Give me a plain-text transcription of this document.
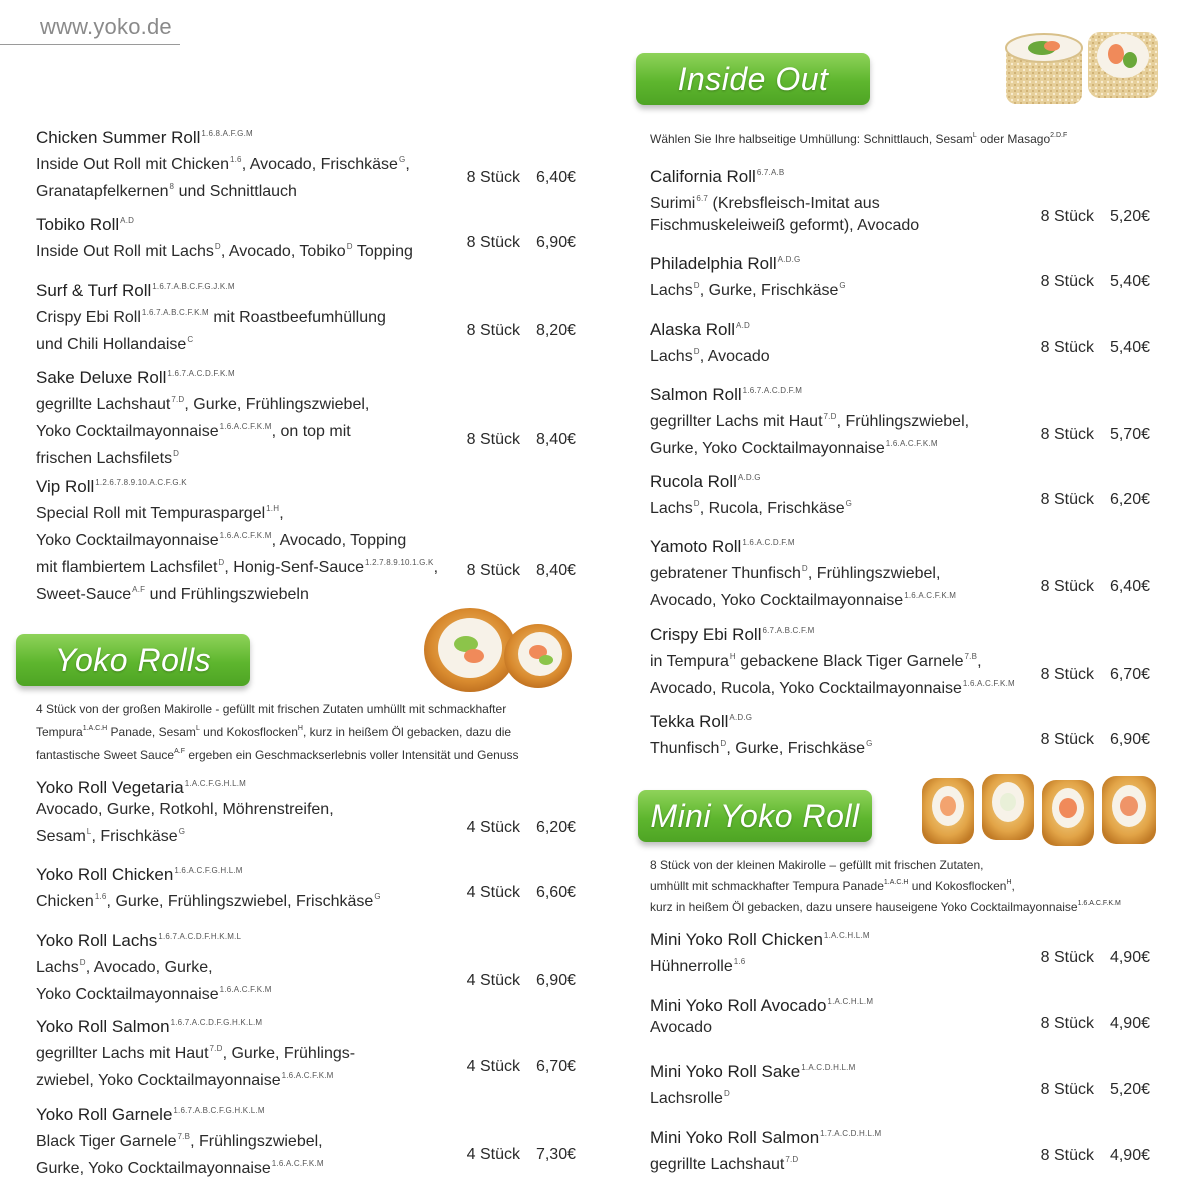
www.yoko.de
Chicken Summer Roll$^{1.6.8.A.F.G.M}$
Inside Out Roll mit Chicken$^{1.6}$, Avocado, Frischkäse$^G$,
Granatapfelkernen$^8$ und Schnittlauch
8 Stück 6,40€
Tobiko Roll$^{A.D}$
Inside Out Roll mit Lachs$^D$, Avocado, Tobiko$^D$ Topping
8 Stück 6,90€
Surf & Turf Roll$^{1.6.7.A.B.C.F.G.J.K.M}$
Crispy Ebi Roll$^{1.6.7.A.B.C.F.K.M}$ mit Roastbeefumhüllung
und Chili Hollandaise$^C$
8 Stück 8,20€
Sake Deluxe Roll$^{1.6.7.A.C.D.F.K.M}$
gegrillte Lachshaut$^{7.D}$, Gurke, Frühlingszwiebel,
Yoko Cocktailmayonnaise$^{1.6.A.C.F.K.M}$, on top mit
frischen Lachsfilets$^D$
8 Stück 8,40€
Vip Roll$^{1.2.6.7.8.9.10.A.C.F.G.K}$
Special Roll mit Tempuraspargel$^{1.H}$,
Yoko Cocktailmayonnaise$^{1.6.A.C.F.K.M}$, Avocado, Topping
mit flambiertem Lachsfilet$^D$, Honig-Senf-Sauce$^{1.2.7.8.9.10.1.G.K}$,
Sweet-Sauce$^{A.F}$ und Frühlingszwiebeln
8 Stück 8,40€
Yoko Rolls
4 Stück von der großen Makirolle - gefüllt mit frischen Zutaten umhüllt mit schmackhafter
Tempura$^{1.A.C.H}$ Panade, Sesam$^L$ und Kokosflocken$^H$, kurz in heißem Öl gebacken, dazu die
fantastische Sweet Sauce$^{A.F}$ ergeben ein Geschmackserlebnis voller Intensität und Genuss
Yoko Roll Vegetaria$^{1.A.C.F.G.H.L.M}$
Avocado, Gurke, Rotkohl, Möhrenstreifen,
Sesam$^L$, Frischkäse$^G$	4 Stück 6,20€
Yoko Roll Chicken$^{1.6.A.C.F.G.H.L.M}$
Chicken$^{1.6}$, Gurke, Frühlingszwiebel, Frischkäse$^G$	4 Stück 6,60€
Yoko Roll Lachs$^{1.6.7.A.C.D.F.H.K.M.L}$
Lachs$^D$, Avocado, Gurke,
Yoko Cocktailmayonnaise$^{1.6.A.C.F.K.M}$
4 Stück 6,90€
Yoko Roll Salmon$^{1.6.7.A.C.D.F.G.H.K.L.M}$
gegrillter Lachs mit Haut$^{7.D}$, Gurke, Frühlings-
zwiebel, Yoko Cocktailmayonnaise$^{1.6.A.C.F.K.M}$
4 Stück 6,70€
Yoko Roll Garnele$^{1.6.7.A.B.C.F.G.H.K.L.M}$
Black Tiger Garnele$^{7.B}$, Frühlingszwiebel,
Gurke, Yoko Cocktailmayonnaise$^{1.6.A.C.F.K.M}$
4 Stück 7,30€
Inside Out
Wählen Sie Ihre halbseitige Umhüllung: Schnittlauch, Sesam$^L$ oder Masago$^{2.D.F}$
California Roll$^{6.7.A.B}$
Surimi$^{6.7}$ (Krebsfleisch-Imitat aus
Fischmuskeleiweiß geformt), Avocado
8 Stück 5,20€
Philadelphia Roll$^{A.D.G}$
Lachs$^D$, Gurke, Frischkäse$^G$	8 Stück 5,40€
Alaska Roll$^{A.D}$
Lachs$^D$, Avocado
8 Stück 5,40€
Salmon Roll$^{1.6.7.A.C.D.F.M}$
gegrillter Lachs mit Haut$^{7.D}$, Frühlingszwiebel,
Gurke, Yoko Cocktailmayonnaise$^{1.6.A.C.F.K.M}$
8 Stück 5,70€
Rucola Roll$^{A.D.G}$
Lachs$^D$, Rucola, Frischkäse$^G$	8 Stück 6,20€
Yamoto Roll$^{1.6.A.C.D.F.M}$
gebratener Thunfisch$^D$, Frühlingszwiebel,
Avocado, Yoko Cocktailmayonnaise$^{1.6.A.C.F.K.M}$
8 Stück 6,40€
Crispy Ebi Roll$^{6.7.A.B.C.F.M}$
in Tempura$^H$ gebackene Black Tiger Garnele$^{7.B}$,
Avocado, Rucola, Yoko Cocktailmayonnaise$^{1.6.A.C.F.K.M}$
8 Stück 6,70€
Tekka Roll$^{A.D.G}$
Thunfisch$^D$, Gurke, Frischkäse$^G$	8 Stück 6,90€
Mini Yoko Roll
8 Stück von der kleinen Makirolle – gefüllt mit frischen Zutaten,
umhüllt mit schmackhafter Tempura Panade$^{1.A.C.H}$ und Kokosflocken$^H$,
kurz in heißem Öl gebacken, dazu unsere hauseigene Yoko Cocktailmayonnaise$^{1.6.A.C.F.K.M}$
Mini Yoko Roll Chicken$^{1.A.C.H.L.M}$
Hühnerrolle$^{1.6}$	8 Stück 4,90€
Mini Yoko Roll Avocado$^{1.A.C.H.L.M}$
Avocado	8 Stück 4,90€
Mini Yoko Roll Sake$^{1.A.C.D.H.L.M}$
Lachsrolle$^D$	8 Stück 5,20€
Mini Yoko Roll Salmon$^{1.7.A.C.D.H.L.M}$
gegrillte Lachshaut$^{7.D}$	8 Stück 4,90€
